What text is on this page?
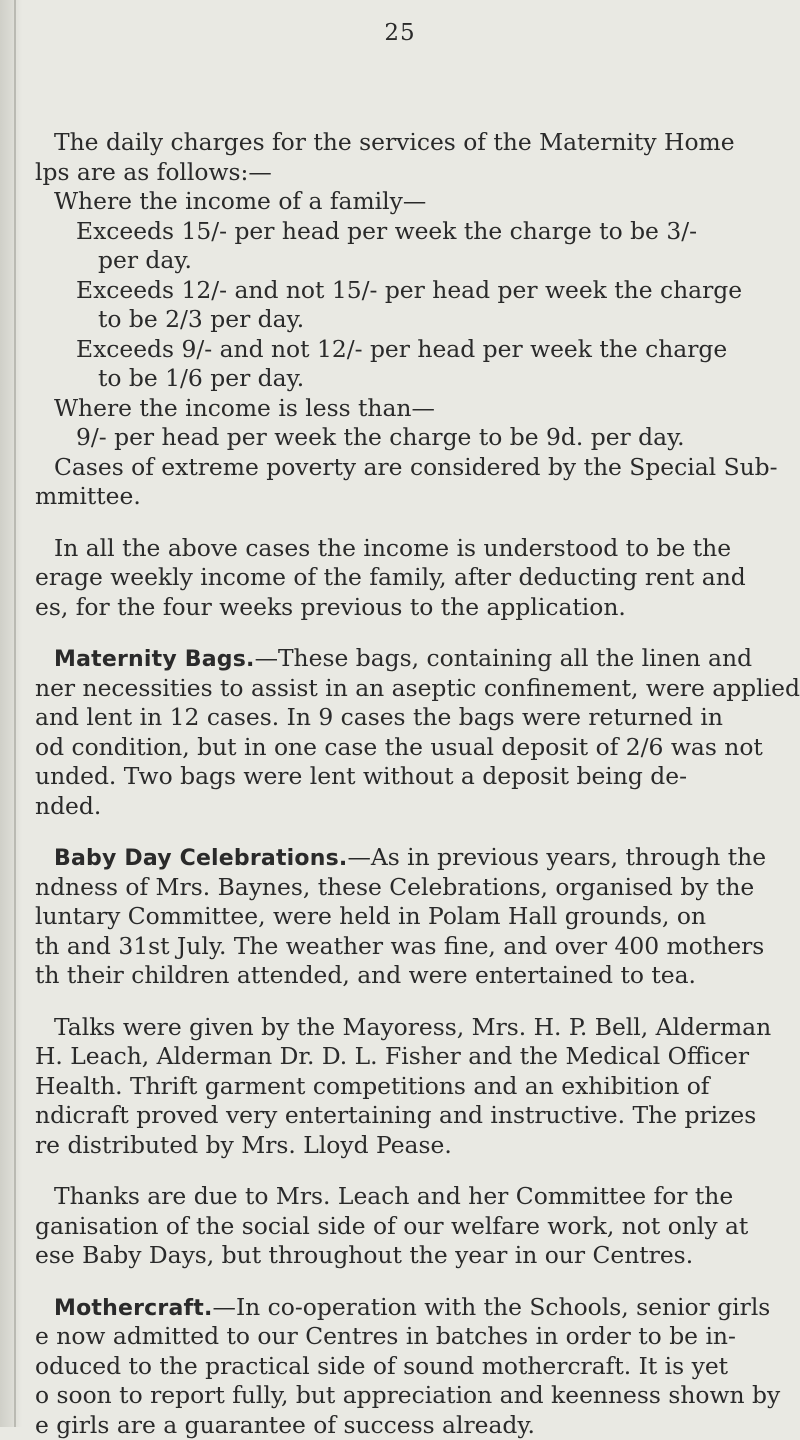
25
The daily charges for the services of the Maternity Home
lps are as follows:—
Where the income of a family—
Exceeds 15/- per head per week the charge to be 3/-
per day.
Exceeds 12/- and not 15/- per head per week the charge
to be 2/3 per day.
Exceeds 9/- and not 12/- per head per week the charge
to be 1/6 per day.
Where the income is less than—
9/- per head per week the charge to be 9d. per day.
Cases of extreme poverty are considered by the Special Sub-
mmittee.
In all the above cases the income is understood to be the
erage weekly income of the family, after deducting rent and
es, for the four weeks previous to the application.
Maternity Bags.—These bags, containing all the linen and
ner necessities to assist in an aseptic confinement, were applied
and lent in 12 cases. In 9 cases the bags were returned in
od condition, but in one case the usual deposit of 2/6 was not
unded. Two bags were lent without a deposit being de-
nded.
Baby Day Celebrations.—As in previous years, through the
ndness of Mrs. Baynes, these Celebrations, organised by the
luntary Committee, were held in Polam Hall grounds, on
th and 31st July. The weather was fine, and over 400 mothers
th their children attended, and were entertained to tea.
Talks were given by the Mayoress, Mrs. H. P. Bell, Alderman
H. Leach, Alderman Dr. D. L. Fisher and the Medical Officer
Health. Thrift garment competitions and an exhibition of
ndicraft proved very entertaining and instructive. The prizes
re distributed by Mrs. Lloyd Pease.
Thanks are due to Mrs. Leach and her Committee for the
ganisation of the social side of our welfare work, not only at
ese Baby Days, but throughout the year in our Centres.
Mothercraft.—In co-operation with the Schools, senior girls
e now admitted to our Centres in batches in order to be in-
oduced to the practical side of sound mothercraft. It is yet
o soon to report fully, but appreciation and keenness shown by
e girls are a guarantee of success already.
